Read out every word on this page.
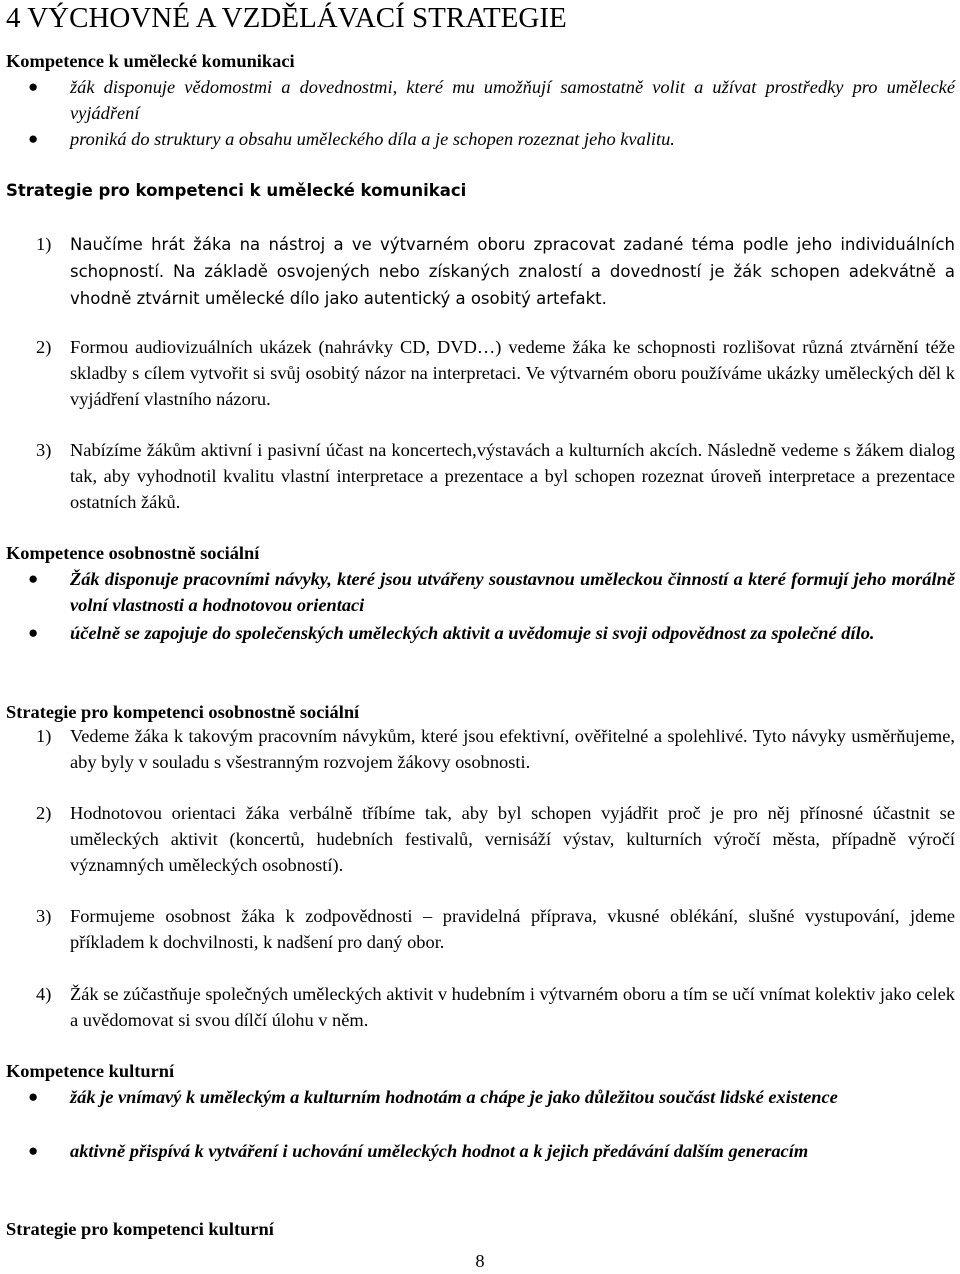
4 VÝCHOVNÉ A VZDĚLÁVACÍ STRATEGIE
Kompetence k umělecké komunikaci
● žák disponuje vědomostmi a dovednostmi, které mu umožňují samostatně volit a užívat prostředky pro umělecké vyjádření
● proniká do struktury a obsahu uměleckého díla a je schopen rozeznat jeho kvalitu.
Strategie pro kompetenci k umělecké komunikaci
1) Naučíme hrát žáka na nástroj a ve výtvarném oboru zpracovat zadané téma podle jeho individuálních schopností. Na základě osvojených nebo získaných znalostí a dovedností je žák schopen adekvátně a vhodně ztvárnit umělecké dílo jako autentický a osobitý artefakt.
2) Formou audiovizuálních ukázek (nahrávky CD, DVD…) vedeme žáka ke schopnosti rozlišovat různá ztvárnění téže skladby s cílem vytvořit si svůj osobitý názor na interpretaci. Ve výtvarném oboru používáme ukázky uměleckých děl k vyjádření vlastního názoru.
3) Nabízíme žákům aktivní i pasivní účast na koncertech,výstavách a kulturních akcích. Následně vedeme s žákem dialog tak, aby vyhodnotil kvalitu vlastní interpretace a prezentace a byl schopen rozeznat úroveň interpretace a prezentace ostatních žáků.
Kompetence osobnostně sociální
● Žák disponuje pracovními návyky, které jsou utvářeny soustavnou uměleckou činností a které formují jeho morálně volní vlastnosti a hodnotovou orientaci
● účelně se zapojuje do společenských uměleckých aktivit a uvědomuje si svoji odpovědnost za společné dílo.
Strategie pro kompetenci osobnostně sociální
1) Vedeme žáka k takovým pracovním návykům, které jsou efektivní, ověřitelné a spolehlivé. Tyto návyky usměrňujeme, aby byly v souladu s všestranným rozvojem žákovy osobnosti.
2) Hodnotovou orientaci žáka verbálně tříbíme tak, aby byl schopen vyjádřit proč je pro něj přínosné účastnit se uměleckých aktivit (koncertů, hudebních festivalů, vernisáží výstav, kulturních výročí města, případně výročí významných uměleckých osobností).
3) Formujeme osobnost žáka k zodpovědnosti – pravidelná příprava, vkusné oblékání, slušné vystupování, jdeme příkladem k dochvilnosti, k nadšení pro daný obor.
4) Žák se zúčastňuje společných uměleckých aktivit v hudebním i výtvarném oboru a tím se učí vnímat kolektiv jako celek a uvědomovat si svou dílčí úlohu v něm.
Kompetence kulturní
● žák je vnímavý k uměleckým a kulturním hodnotám a chápe je jako důležitou součást lidské existence
● aktivně přispívá k vytváření i uchování uměleckých hodnot a k jejich předávání dalším generacím
Strategie pro kompetenci kulturní
8
